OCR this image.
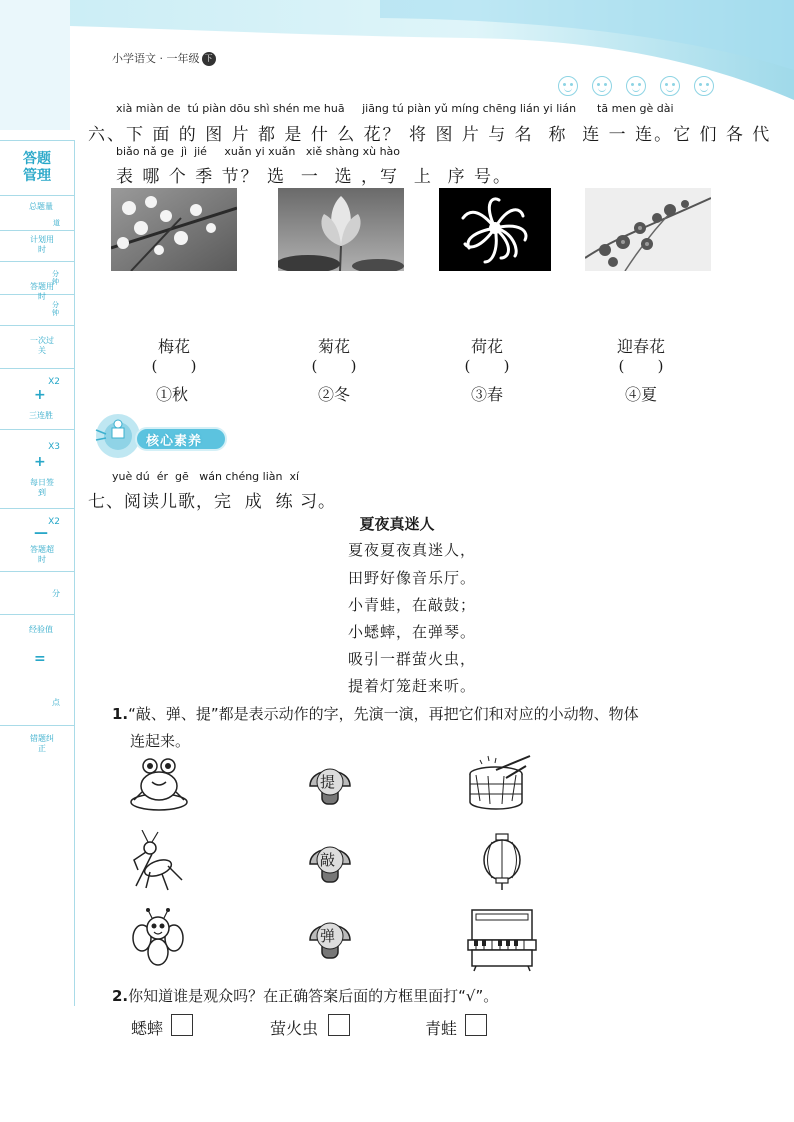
小学语文 · 一年级 下册
答题
管理
总题量
道
计划用时
分钟
答题用时
分钟
一次过关
X2
+
三连胜
X3
+
每日签到
X2
—
答题超时
分
经验值
=
点
错题纠正
xià miàn de  tú piàn dōu shì shén me huā     jiāng tú piàn yǔ míng chēng lián yi lián      tā men gè dài
六、下 面 的 图 片 都 是 什 么 花？ 将 图 片 与 名  称  连 一 连。它 们 各 代
biǎo nǎ ge  jì  jié     xuǎn yi xuǎn   xiě shàng xù hào
表 哪 个 季 节？ 选  一  选 ，写  上  序 号。
梅花	菊花	荷花	迎春花
(       )	(       )	(       )	(       )
①秋	②冬	③春	④夏
核心素养
yuè dú  ér  gē   wán chéng liàn  xí
七、阅读儿歌，完  成  练 习。
夏夜真迷人
夏夜夏夜真迷人，
田野好像音乐厅。
小青蛙，在敲鼓；
小蟋蟀，在弹琴。
吸引一群萤火虫，
提着灯笼赶来听。
1.“敲、弹、提”都是表示动作的字，先演一演，再把它们和对应的小动物、物体
连起来。
提
敲
弹
2.你知道谁是观众吗？在正确答案后面的方框里面打“√”。
蟋蟀	萤火虫	青蛙
